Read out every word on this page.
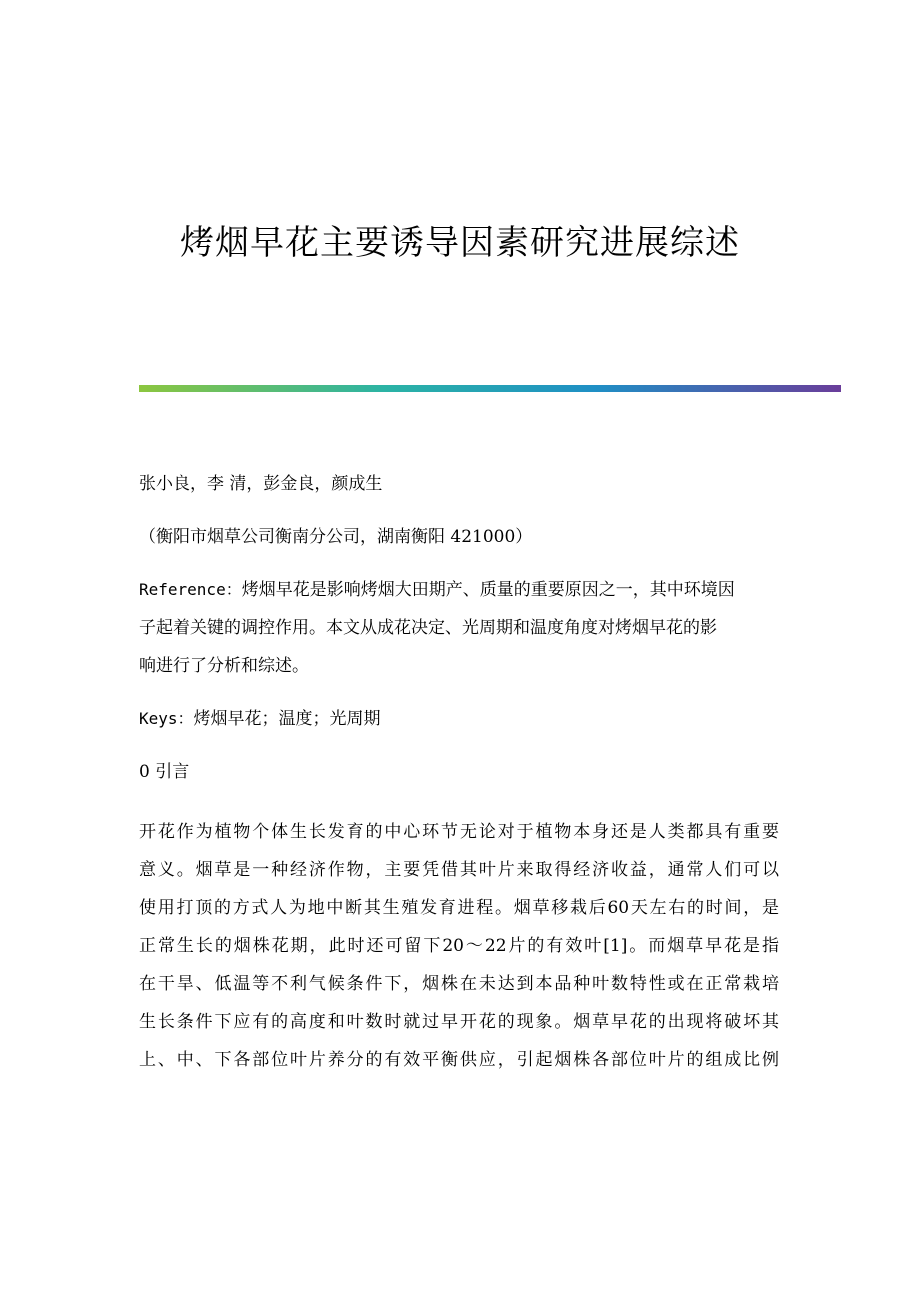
烤烟早花主要诱导因素研究进展综述
张小良，李 清，彭金良，颜成生
（衡阳市烟草公司衡南分公司，湖南衡阳 421000）
Reference：烤烟早花是影响烤烟大田期产、质量的重要原因之一，其中环境因
子起着关键的调控作用。本文从成花决定、光周期和温度角度对烤烟早花的影
响进行了分析和综述。
Keys：烤烟早花；温度；光周期
0 引言
开花作为植物个体生长发育的中心环节无论对于植物本身还是人类都具有重要
意义。烟草是一种经济作物，主要凭借其叶片来取得经济收益，通常人们可以
使用打顶的方式人为地中断其生殖发育进程。烟草移栽后60天左右的时间，是
正常生长的烟株花期，此时还可留下20～22片的有效叶[1]。而烟草早花是指
在干旱、低温等不利气候条件下，烟株在未达到本品种叶数特性或在正常栽培
生长条件下应有的高度和叶数时就过早开花的现象。烟草早花的出现将破坏其
上、中、下各部位叶片养分的有效平衡供应，引起烟株各部位叶片的组成比例
